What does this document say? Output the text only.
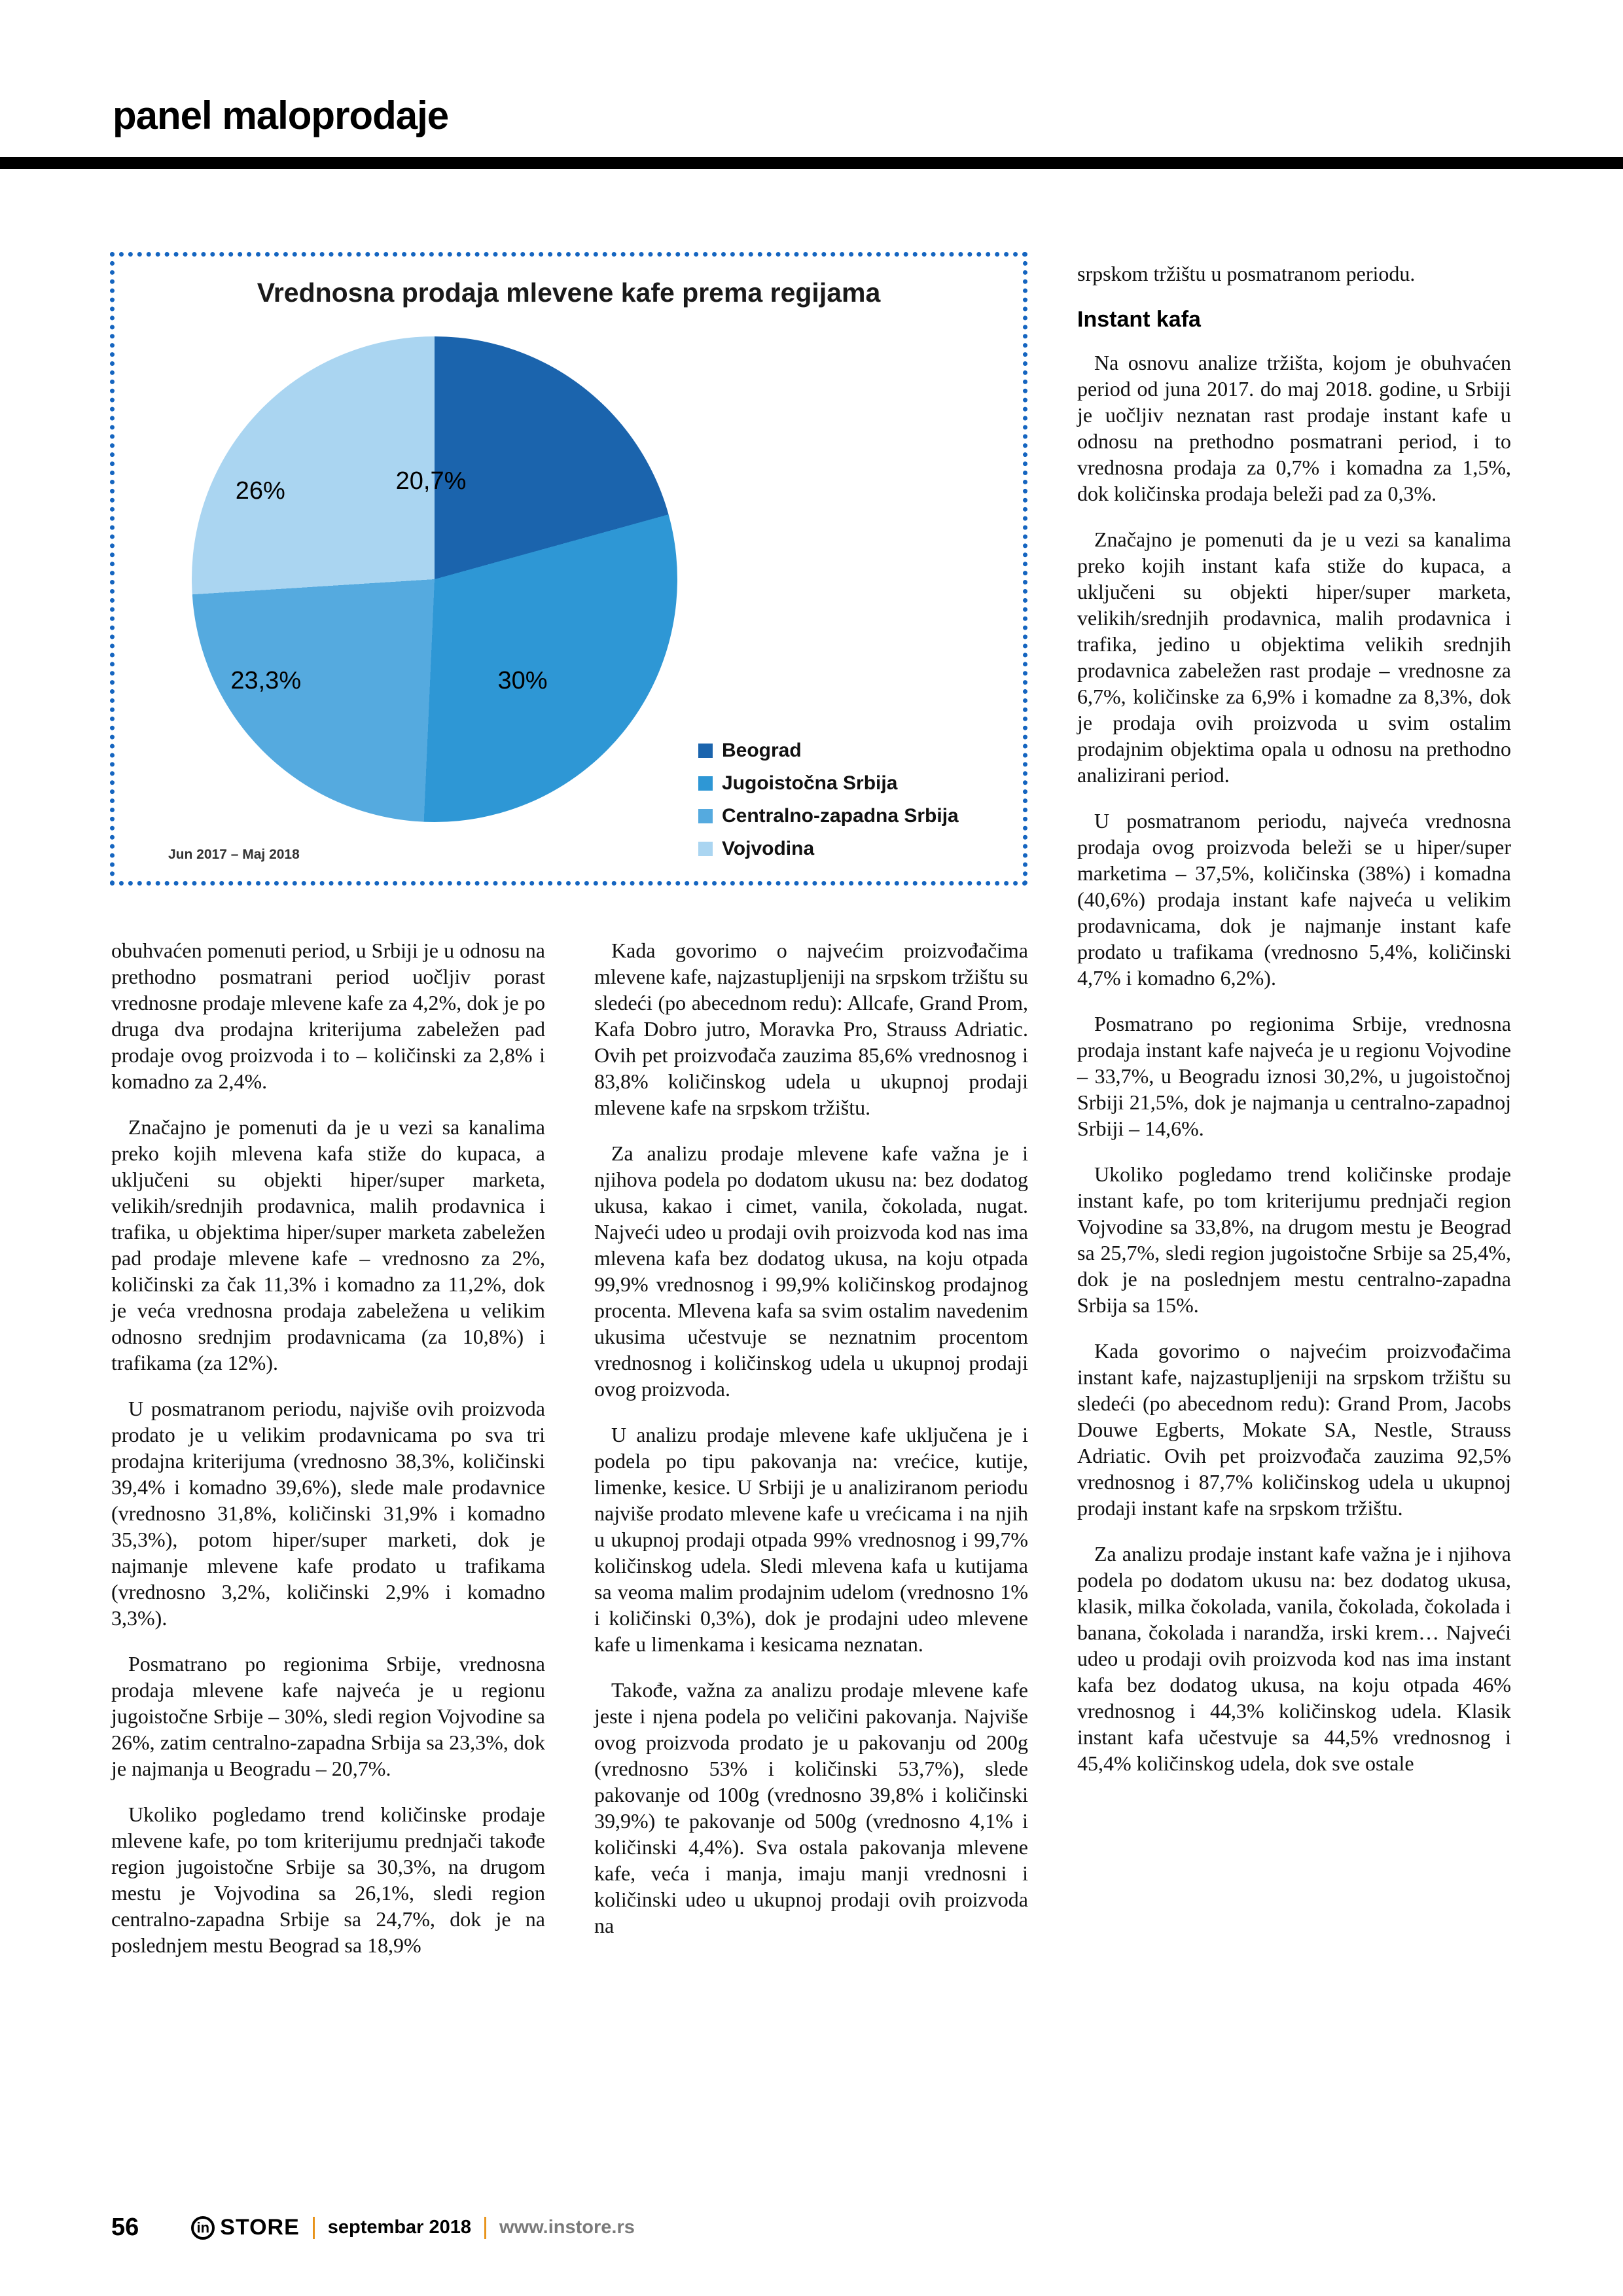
panel maloprodaje
Vrednosna prodaja mlevene kafe prema regijama
20,7%
30%
23,3%
26%
Beograd
Jugoistočna Srbija
Centralno-zapadna Srbija
Vojvodina
Jun 2017 – Maj 2018

obuhvaćen pomenuti period, u Srbiji je u odnosu na prethodno posmatrani period uočljiv porast vrednosne prodaje mlevene kafe za 4,2%, dok je po druga dva prodajna kriterijuma zabeležen pad prodaje ovog proizvoda i to – količinski za 2,8% i komadno za 2,4%.

Značajno je pomenuti da je u vezi sa kanalima preko kojih mlevena kafa stiže do kupaca, a uključeni su objekti hiper/super marketa, velikih/srednjih prodavnica, malih prodavnica i trafika, u objektima hiper/super marketa zabeležen pad prodaje mlevene kafe – vrednosno za 2%, količinski za čak 11,3% i komadno za 11,2%, dok je veća vrednosna prodaja zabeležena u velikim odnosno srednjim prodavnicama (za 10,8%) i trafikama (za 12%).

U posmatranom periodu, najviše ovih proizvoda prodato je u velikim prodavnicama po sva tri prodajna kriterijuma (vrednosno 38,3%, količinski 39,4% i komadno 39,6%), slede male prodavnice (vrednosno 31,8%, količinski 31,9% i komadno 35,3%), potom hiper/super marketi, dok je najmanje mlevene kafe prodato u trafikama (vrednosno 3,2%, količinski 2,9% i komadno 3,3%).

Posmatrano po regionima Srbije, vrednosna prodaja mlevene kafe najveća je u regionu jugoistočne Srbije – 30%, sledi region Vojvodine sa 26%, zatim centralno-zapadna Srbija sa 23,3%, dok je najmanja u Beogradu – 20,7%.

Ukoliko pogledamo trend količinske prodaje mlevene kafe, po tom kriterijumu prednjači takođe region jugoistočne Srbije sa 30,3%, na drugom mestu je Vojvodina sa 26,1%, sledi region centralno-zapadna Srbije sa 24,7%, dok je na poslednjem mestu Beograd sa 18,9%

Kada govorimo o najvećim proizvođačima mlevene kafe, najzastupljeniji na srpskom tržištu su sledeći (po abecednom redu): Allcafe, Grand Prom, Kafa Dobro jutro, Moravka Pro, Strauss Adriatic. Ovih pet proizvođača zauzima 85,6% vrednosnog i 83,8% količinskog udela u ukupnoj prodaji mlevene kafe na srpskom tržištu.

Za analizu prodaje mlevene kafe važna je i njihova podela po dodatom ukusu na: bez dodatog ukusa, kakao i cimet, vanila, čokolada, nugat. Najveći udeo u prodaji ovih proizvoda kod nas ima mlevena kafa bez dodatog ukusa, na koju otpada 99,9% vrednosnog i 99,9% količinskog prodajnog procenta. Mlevena kafa sa svim ostalim navedenim ukusima učestvuje se neznatnim procentom vrednosnog i količinskog udela u ukupnoj prodaji ovog proizvoda.

U analizu prodaje mlevene kafe uključena je i podela po tipu pakovanja na: vrećice, kutije, limenke, kesice. U Srbiji je u analiziranom periodu najviše prodato mlevene kafe u vrećicama i na njih u ukupnoj prodaji otpada 99% vrednosnog i 99,7% količinskog udela. Sledi mlevena kafa u kutijama sa veoma malim prodajnim udelom (vrednosno 1% i količinski 0,3%), dok je prodajni udeo mlevene kafe u limenkama i kesicama neznatan.

Takođe, važna za analizu prodaje mlevene kafe jeste i njena podela po veličini pakovanja. Najviše ovog proizvoda prodato je u pakovanju od 200g (vrednosno 53% i količinski 53,7%), slede pakovanje od 100g (vrednosno 39,8% i količinski 39,9%) te pakovanje od 500g (vrednosno 4,1% i količinski 4,4%). Sva ostala pakovanja mlevene kafe, veća i manja, imaju manji vrednosni i količinski udeo u ukupnoj prodaji ovih proizvoda na

srpskom tržištu u posmatranom periodu.

Instant kafa

Na osnovu analize tržišta, kojom je obuhvaćen period od juna 2017. do maj 2018. godine, u Srbiji je uočljiv neznatan rast prodaje instant kafe u odnosu na prethodno posmatrani period, i to vrednosna prodaja za 0,7% i komadna za 1,5%, dok količinska prodaja beleži pad za 0,3%.

Značajno je pomenuti da je u vezi sa kanalima preko kojih instant kafa stiže do kupaca, a uključeni su objekti hiper/super marketa, velikih/srednjih prodavnica, malih prodavnica i trafika, jedino u objektima velikih srednjih prodavnica zabeležen rast prodaje – vrednosne za 6,7%, količinske za 6,9% i komadne za 8,3%, dok je prodaja ovih proizvoda u svim ostalim prodajnim objektima opala u odnosu na prethodno analizirani period.

U posmatranom periodu, najveća vrednosna prodaja ovog proizvoda beleži se u hiper/super marketima – 37,5%, količinska (38%) i komadna (40,6%) prodaja instant kafe najveća u velikim prodavnicama, dok je najmanje instant kafe prodato u trafikama (vrednosno 5,4%, količinski 4,7% i komadno 6,2%).

Posmatrano po regionima Srbije, vrednosna prodaja instant kafe najveća je u regionu Vojvodine – 33,7%, u Beogradu iznosi 30,2%, u jugoistočnoj Srbiji 21,5%, dok je najmanja u centralno-zapadnoj Srbiji – 14,6%.

Ukoliko pogledamo trend količinske prodaje instant kafe, po tom kriterijumu prednjači region Vojvodine sa 33,8%, na drugom mestu je Beograd sa 25,7%, sledi region jugoistočne Srbije sa 25,4%, dok je na poslednjem mestu centralno-zapadna Srbija sa 15%.

Kada govorimo o najvećim proizvođačima instant kafe, najzastupljeniji na srpskom tržištu su sledeći (po abecednom redu): Grand Prom, Jacobs Douwe Egberts, Mokate SA, Nestle, Strauss Adriatic. Ovih pet proizvođača zauzima 92,5% vrednosnog i 87,7% količinskog udela u ukupnoj prodaji instant kafe na srpskom tržištu.

Za analizu prodaje instant kafe važna je i njihova podela po dodatom ukusu na: bez dodatog ukusa, klasik, milka čokolada, vanila, čokolada, čokolada i banana, čokolada i narandža, irski krem… Najveći udeo u prodaji ovih proizvoda kod nas ima instant kafa bez dodatog ukusa, na koju otpada 46% vrednosnog i 44,3% količinskog udela. Klasik instant kafa učestvuje sa 44,5% vrednosnog i 45,4% količinskog udela, dok sve ostale

56	in STORE septembar 2018 www.instore.rs
